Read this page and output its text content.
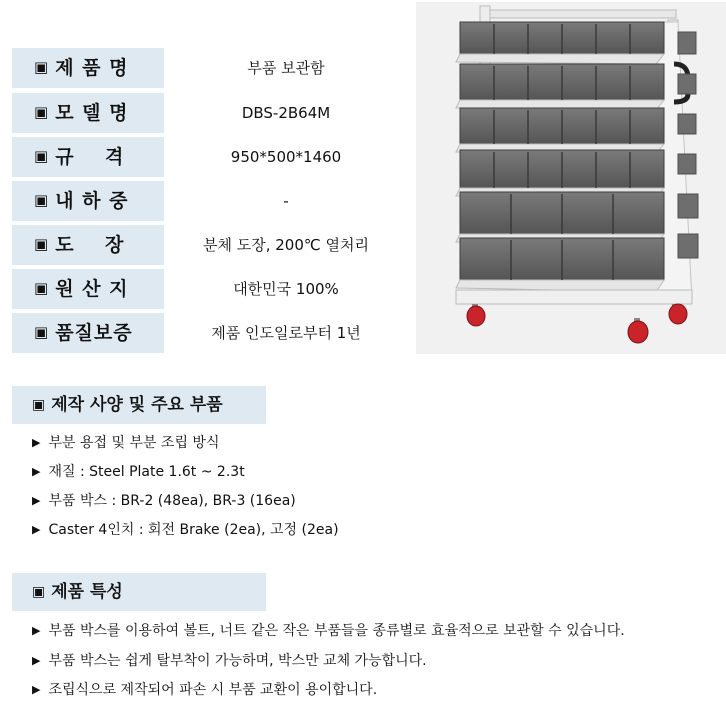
▣ 제 품 명	부품 보관함
▣ 모 델 명	DBS-2B64M
▣ 규    격	950*500*1460
▣ 내 하 중	-
▣ 도    장	분체 도장, 200℃ 열처리
▣ 원 산 지	대한민국 100%
▣ 품질보증	제품 인도일로부터 1년
▣ 제작 사양 및 주요 부품
▶ 부분 용접 및 부분 조립 방식
▶ 재질 : Steel Plate 1.6t ~ 2.3t
▶ 부품 박스 : BR-2 (48ea), BR-3 (16ea)
▶ Caster 4인치 : 회전 Brake (2ea), 고정 (2ea)
▣ 제품 특성
▶ 부품 박스를 이용하여 볼트, 너트 같은 작은 부품들을 종류별로 효율적으로 보관할 수 있습니다.
▶ 부품 박스는 쉽게 탈부착이 가능하며, 박스만 교체 가능합니다.
▶ 조립식으로 제작되어 파손 시 부품 교환이 용이합니다.
